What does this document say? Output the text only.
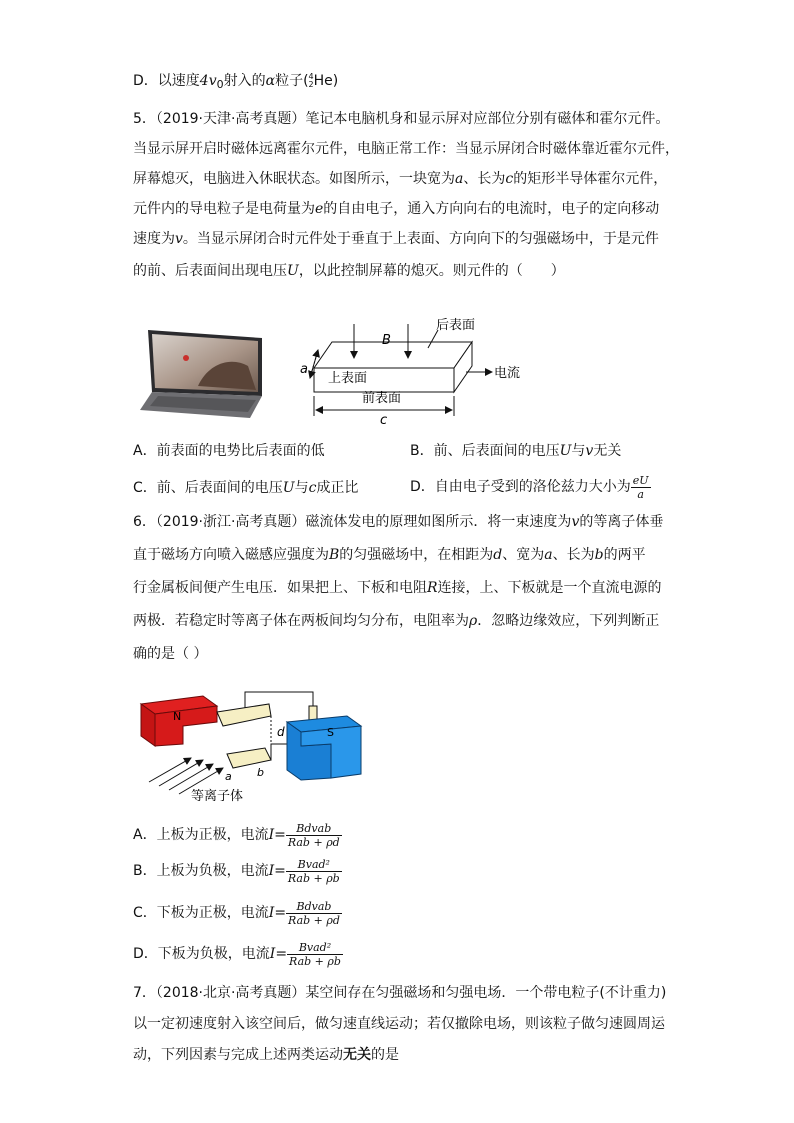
D．以速度$4v_0$射入的α粒子( 4
2 He)
5．（2019·天津·高考真题）笔记本电脑机身和显示屏对应部位分别有磁体和霍尔元件。
当显示屏开启时磁体远离霍尔元件，电脑正常工作：当显示屏闭合时磁体靠近霍尔元件，
屏幕熄灭，电脑进入休眠状态。如图所示，一块宽为a、长为c的矩形半导体霍尔元件，
元件内的导电粒子是电荷量为e的自由电子，通入方向向右的电流时，电子的定向移动
速度为v。当显示屏闭合时元件处于垂直于上表面、方向向下的匀强磁场中，于是元件
的前、后表面间出现电压U，以此控制屏幕的熄灭。则元件的（　　）
B
后表面
上表面
前表面
电流
a
c
A．前表面的电势比后表面的低	B．前、后表面间的电压U与v无关
C．前、后表面间的电压U与c成正比	D．自由电子受到的洛伦兹力大小为 $\frac{eU}{a}$
6．（2019·浙江·高考真题）磁流体发电的原理如图所示．将一束速度为v的等离子体垂
直于磁场方向喷入磁感应强度为B的匀强磁场中，在相距为d、宽为a、长为b的两平
行金属板间便产生电压．如果把上、下板和电阻R连接，上、下板就是一个直流电源的
两极．若稳定时等离子体在两板间均匀分布，电阻率为ρ．忽略边缘效应，下列判断正
确的是（ ）
N
d
a b
S
等离子体
A．上板为正极，电流$I= \frac{\text{Bdvab}}{\text{Rab + ρd}}$
B．上板为负极，电流$I= \frac{\text{Bvad²}}{\text{Rab + ρb}}$
C．下板为正极，电流$I= \frac{\text{Bdvab}}{\text{Rab + ρd}}$
D．下板为负极，电流$I= \frac{\text{Bvad²}}{\text{Rab + ρb}}$
7．（2018·北京·高考真题）某空间存在匀强磁场和匀强电场．一个带电粒子(不计重力)
以一定初速度射入该空间后，做匀速直线运动；若仅撤除电场，则该粒子做匀速圆周运
动，下列因素与完成上述两类运动无关的是
